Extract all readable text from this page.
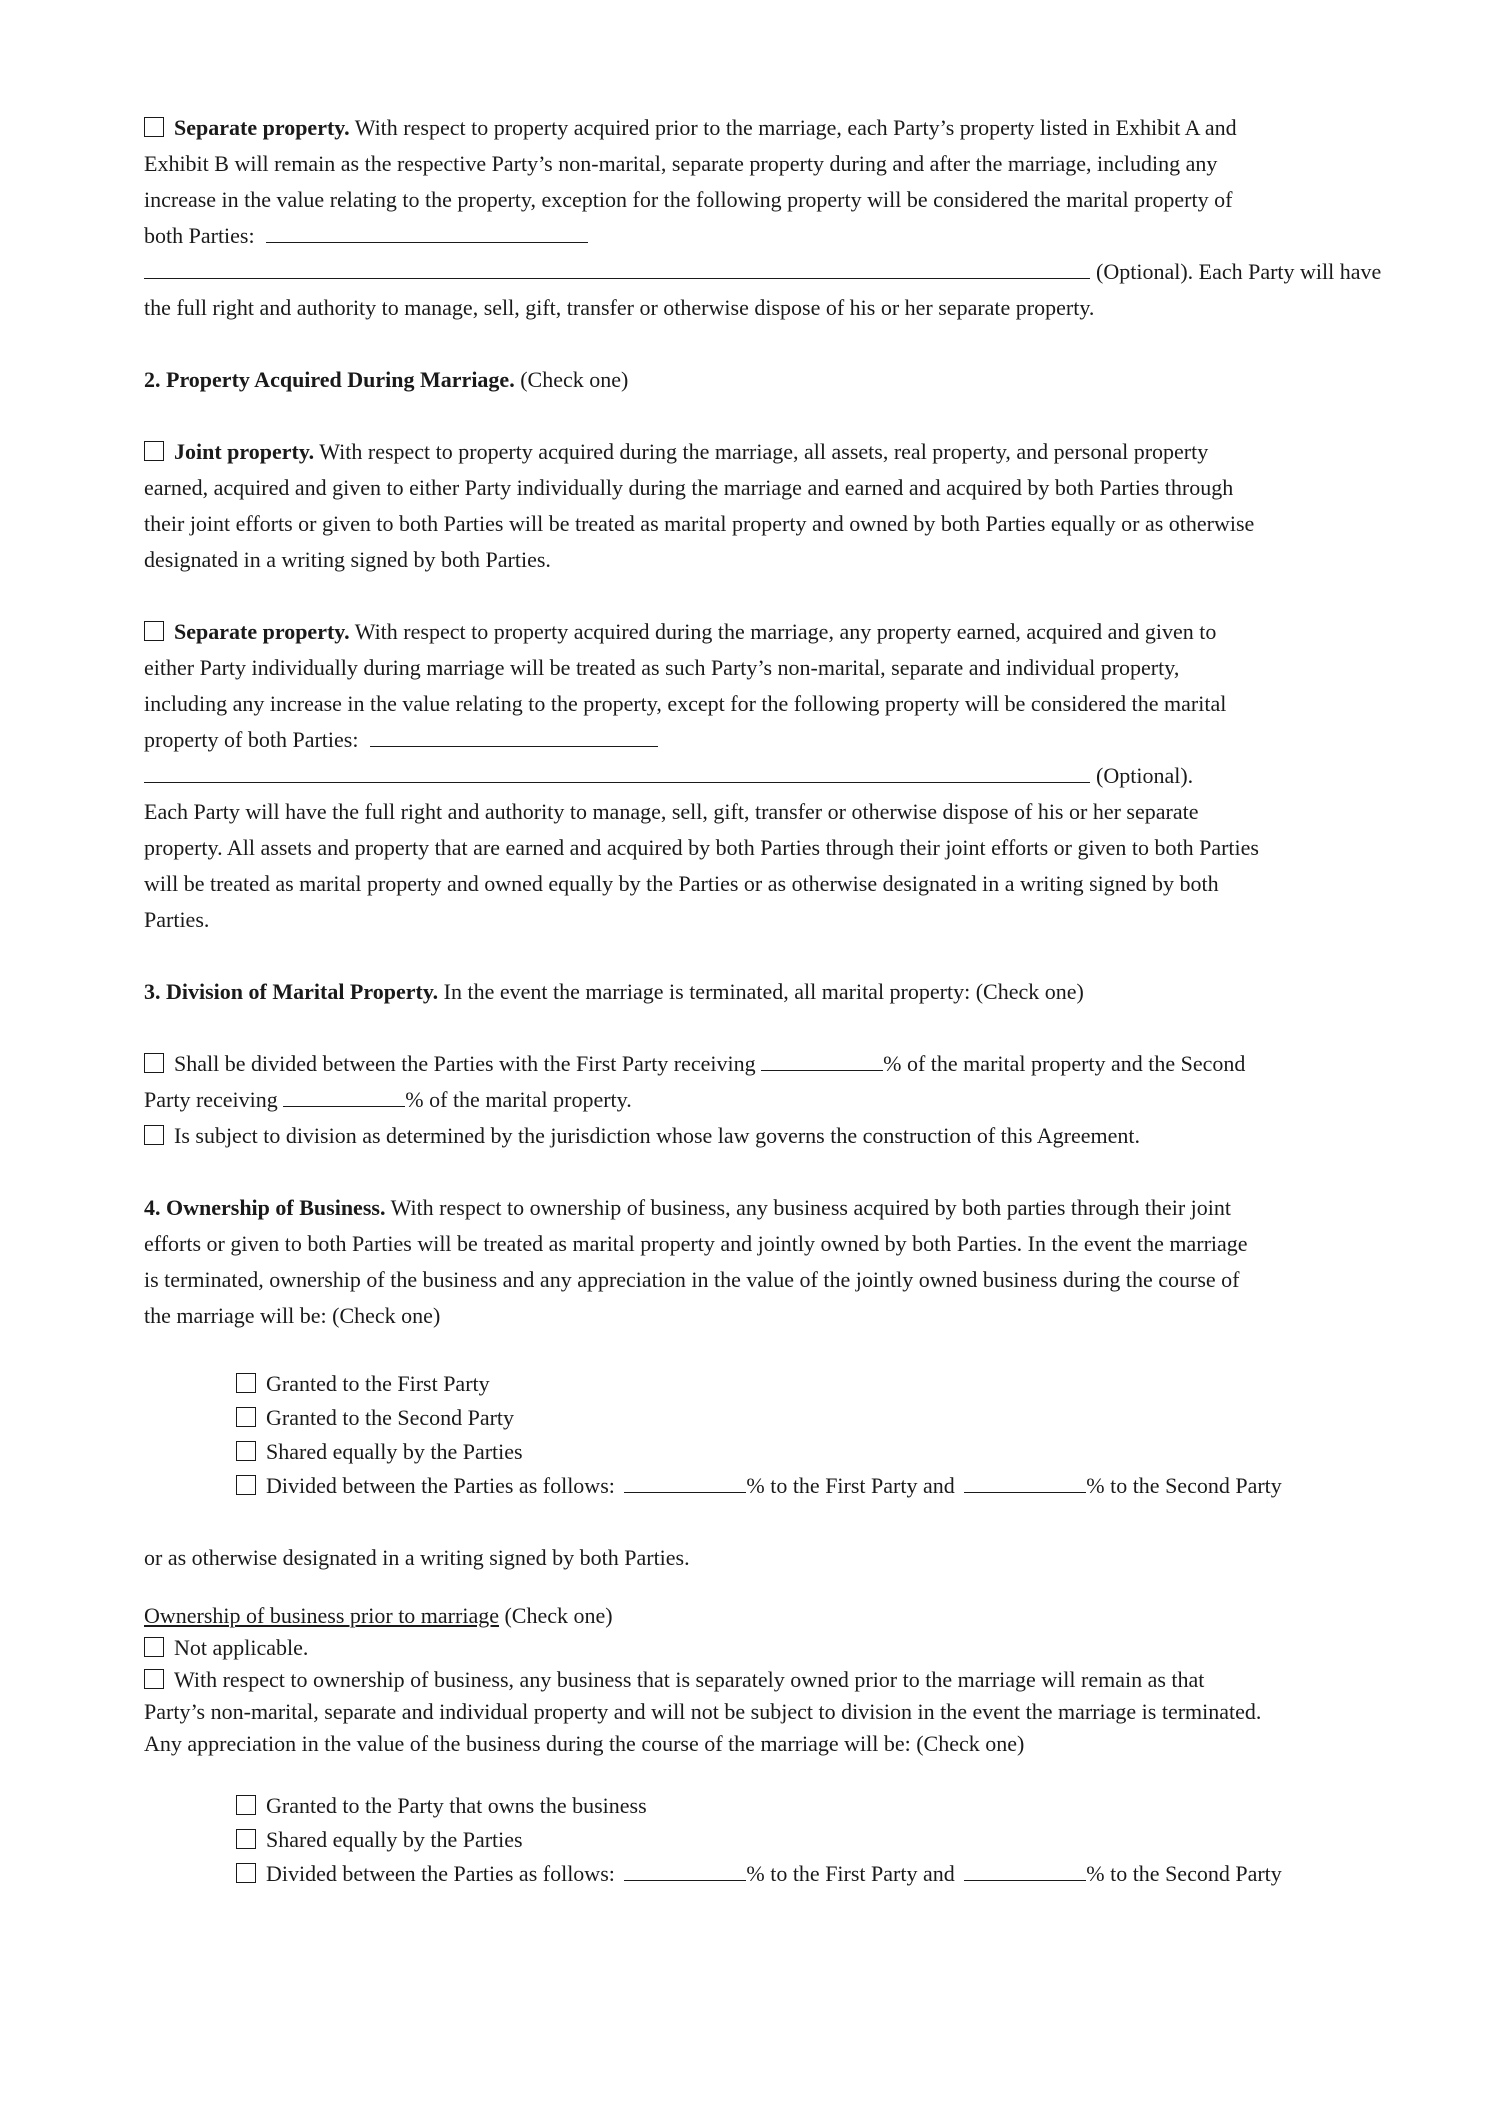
Separate property. With respect to property acquired prior to the marriage, each Party’s property listed in Exhibit A and
Exhibit B will remain as the respective Party’s non-marital, separate property during and after the marriage, including any
increase in the value relating to the property, exception for the following property will be considered the marital property of
both Parties:
(Optional). Each Party will have
the full right and authority to manage, sell, gift, transfer or otherwise dispose of his or her separate property.
2. Property Acquired During Marriage. (Check one)
Joint property. With respect to property acquired during the marriage, all assets, real property, and personal property
earned, acquired and given to either Party individually during the marriage and earned and acquired by both Parties through
their joint efforts or given to both Parties will be treated as marital property and owned by both Parties equally or as otherwise
designated in a writing signed by both Parties.
Separate property. With respect to property acquired during the marriage, any property earned, acquired and given to
either Party individually during marriage will be treated as such Party’s non-marital, separate and individual property,
including any increase in the value relating to the property, except for the following property will be considered the marital
property of both Parties:
(Optional).
Each Party will have the full right and authority to manage, sell, gift, transfer or otherwise dispose of his or her separate
property. All assets and property that are earned and acquired by both Parties through their joint efforts or given to both Parties
will be treated as marital property and owned equally by the Parties or as otherwise designated in a writing signed by both
Parties.
3. Division of Marital Property. In the event the marriage is terminated, all marital property: (Check one)
Shall be divided between the Parties with the First Party receiving	% of the marital property and the Second
Party receiving	% of the marital property.
Is subject to division as determined by the jurisdiction whose law governs the construction of this Agreement.
4. Ownership of Business. With respect to ownership of business, any business acquired by both parties through their joint
efforts or given to both Parties will be treated as marital property and jointly owned by both Parties. In the event the marriage
is terminated, ownership of the business and any appreciation in the value of the jointly owned business during the course of
the marriage will be: (Check one)
Granted to the First Party
Granted to the Second Party
Shared equally by the Parties
Divided between the Parties as follows:	% to the First Party and	% to the Second Party
or as otherwise designated in a writing signed by both Parties.
Ownership of business prior to marriage (Check one)
Not applicable.
With respect to ownership of business, any business that is separately owned prior to the marriage will remain as that
Party’s non-marital, separate and individual property and will not be subject to division in the event the marriage is terminated.
Any appreciation in the value of the business during the course of the marriage will be: (Check one)
Granted to the Party that owns the business
Shared equally by the Parties
Divided between the Parties as follows:	% to the First Party and	% to the Second Party
